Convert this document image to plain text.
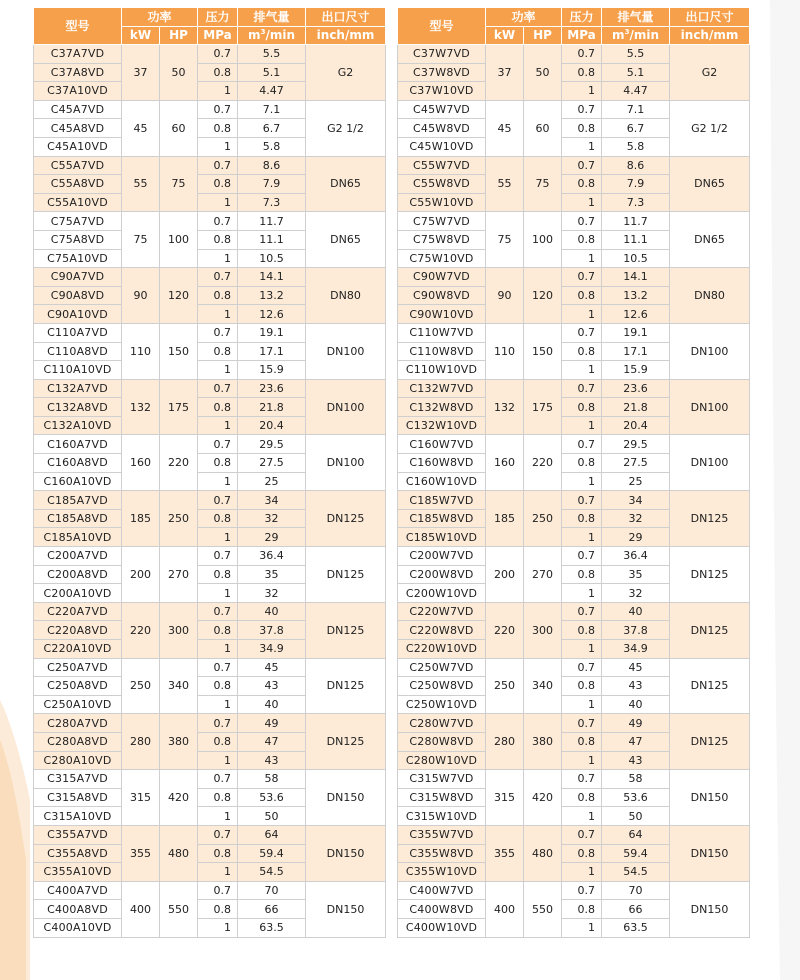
型号	功率		压力	排气量	出口尺寸
	kW	HP	MPa	$m^3/\min$	inch/mm
C37A7VD	37	50	0.7	5.5	G2
C37A8VD			0.8	5.1	
C37A10VD			1	4.47	
C45A7VD	45	60	0.7	7.1	G2 1/2
C45A8VD			0.8	6.7	
C45A10VD			1	5.8	
C55A7VD	55	75	0.7	8.6	DN65
C55A8VD			0.8	7.9	
C55A10VD			1	7.3	
C75A7VD	75	100	0.7	11.7	DN65
C75A8VD			0.8	11.1	
C75A10VD			1	10.5	
C90A7VD	90	120	0.7	14.1	DN80
C90A8VD			0.8	13.2	
C90A10VD			1	12.6	
C110A7VD	110	150	0.7	19.1	DN100
C110A8VD			0.8	17.1	
C110A10VD			1	15.9	
C132A7VD	132	175	0.7	23.6	DN100
C132A8VD			0.8	21.8	
C132A10VD			1	20.4	
C160A7VD	160	220	0.7	29.5	DN100
C160A8VD			0.8	27.5	
C160A10VD			1	25	
C185A7VD	185	250	0.7	34	DN125
C185A8VD			0.8	32	
C185A10VD			1	29	
C200A7VD	200	270	0.7	36.4	DN125
C200A8VD			0.8	35	
C200A10VD			1	32	
C220A7VD	220	300	0.7	40	DN125
C220A8VD			0.8	37.8	
C220A10VD			1	34.9	
C250A7VD	250	340	0.7	45	DN125
C250A8VD			0.8	43	
C250A10VD			1	40	
C280A7VD	280	380	0.7	49	DN125
C280A8VD			0.8	47	
C280A10VD			1	43	
C315A7VD	315	420	0.7	58	DN150
C315A8VD			0.8	53.6	
C315A10VD			1	50	
C355A7VD	355	480	0.7	64	DN150
C355A8VD			0.8	59.4	
C355A10VD			1	54.5	
C400A7VD	400	550	0.7	70	DN150
C400A8VD			0.8	66	
C400A10VD			1	63.5	
型号	功率		压力	排气量	出口尺寸
	kW	HP	MPa	$m^3/\min$	inch/mm
C37W7VD	37	50	0.7	5.5	G2
C37W8VD			0.8	5.1	
C37W10VD			1	4.47	
C45W7VD	45	60	0.7	7.1	G2 1/2
C45W8VD			0.8	6.7	
C45W10VD			1	5.8	
C55W7VD	55	75	0.7	8.6	DN65
C55W8VD			0.8	7.9	
C55W10VD			1	7.3	
C75W7VD	75	100	0.7	11.7	DN65
C75W8VD			0.8	11.1	
C75W10VD			1	10.5	
C90W7VD	90	120	0.7	14.1	DN80
C90W8VD			0.8	13.2	
C90W10VD			1	12.6	
C110W7VD	110	150	0.7	19.1	DN100
C110W8VD			0.8	17.1	
C110W10VD			1	15.9	
C132W7VD	132	175	0.7	23.6	DN100
C132W8VD			0.8	21.8	
C132W10VD			1	20.4	
C160W7VD	160	220	0.7	29.5	DN100
C160W8VD			0.8	27.5	
C160W10VD			1	25	
C185W7VD	185	250	0.7	34	DN125
C185W8VD			0.8	32	
C185W10VD			1	29	
C200W7VD	200	270	0.7	36.4	DN125
C200W8VD			0.8	35	
C200W10VD			1	32	
C220W7VD	220	300	0.7	40	DN125
C220W8VD			0.8	37.8	
C220W10VD			1	34.9	
C250W7VD	250	340	0.7	45	DN125
C250W8VD			0.8	43	
C250W10VD			1	40	
C280W7VD	280	380	0.7	49	DN125
C280W8VD			0.8	47	
C280W10VD			1	43	
C315W7VD	315	420	0.7	58	DN150
C315W8VD			0.8	53.6	
C315W10VD			1	50	
C355W7VD	355	480	0.7	64	DN150
C355W8VD			0.8	59.4	
C355W10VD			1	54.5	
C400W7VD	400	550	0.7	70	DN150
C400W8VD			0.8	66	
C400W10VD			1	63.5	
